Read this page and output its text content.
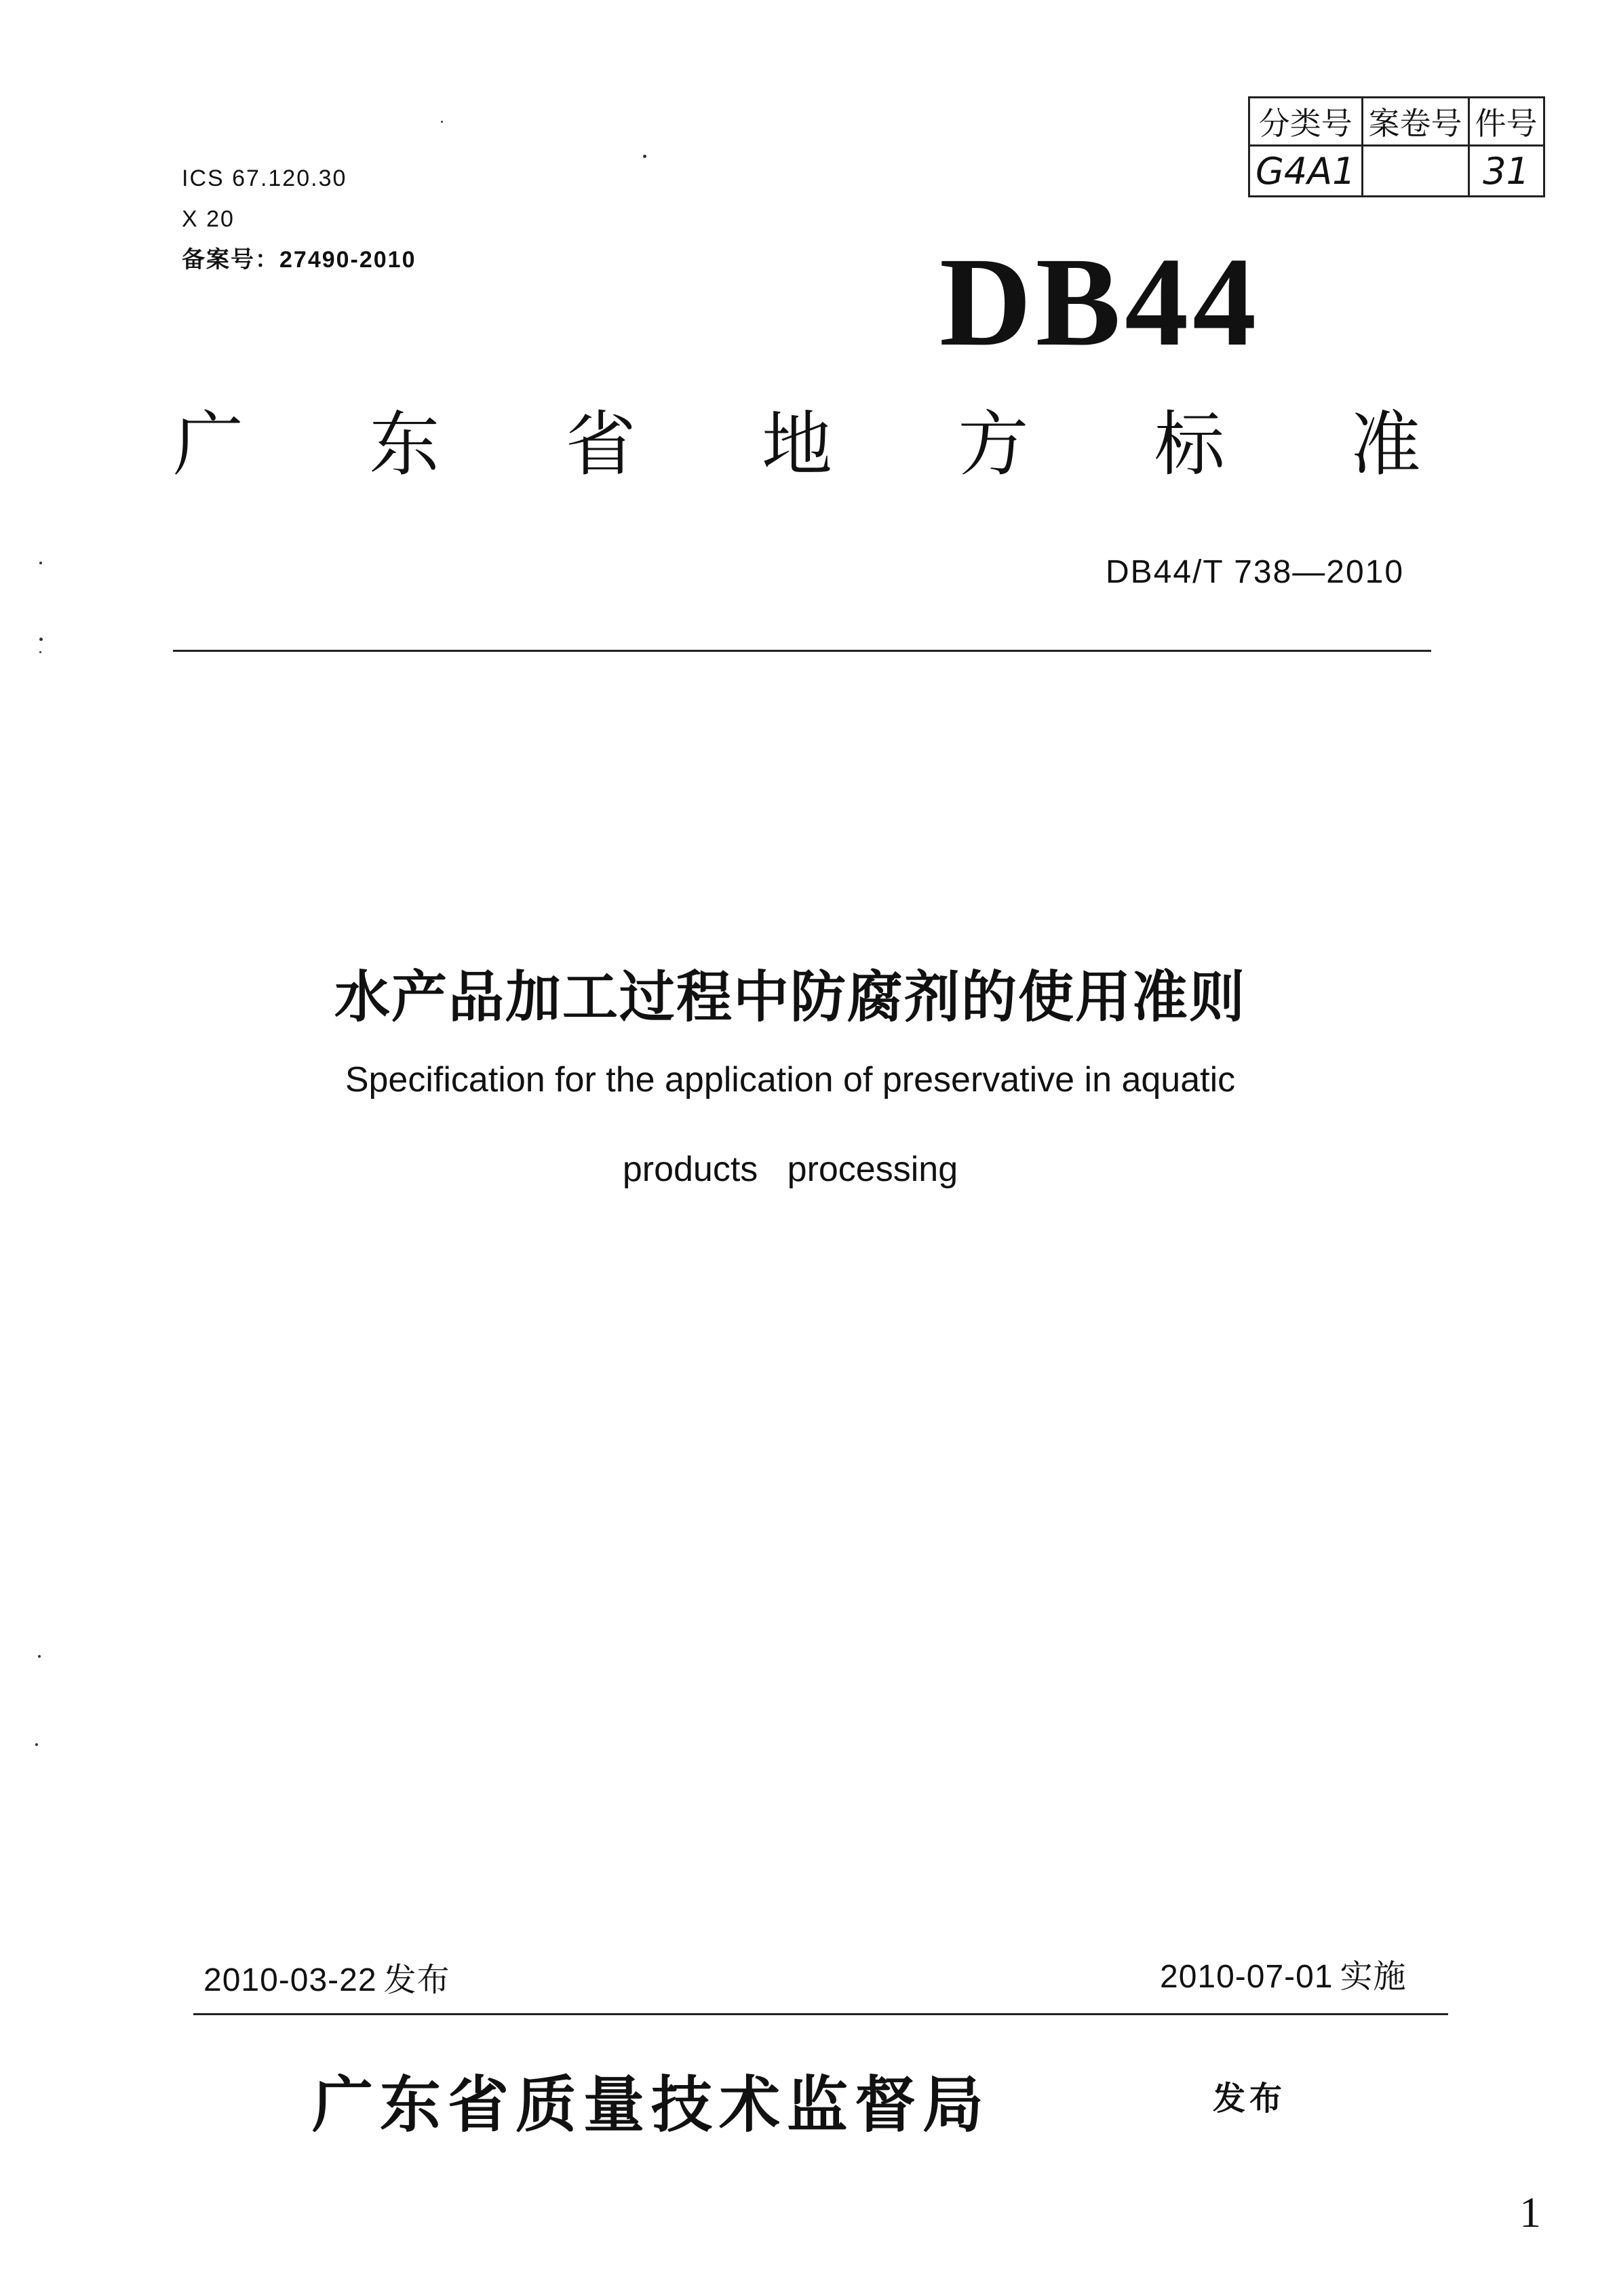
ICS 67.120.30
X 20
备案号：27490-2010
分类号	案卷号	件号
G4A1		31
DB44
广 东 省 地 方 标 准
DB44/T 738—2010
水产品加工过程中防腐剂的使用准则
Specification for the application of preservative in aquatic
products   processing
2010-03-22 发布	2010-07-01 实施
广东省质量技术监督局	发布
1
